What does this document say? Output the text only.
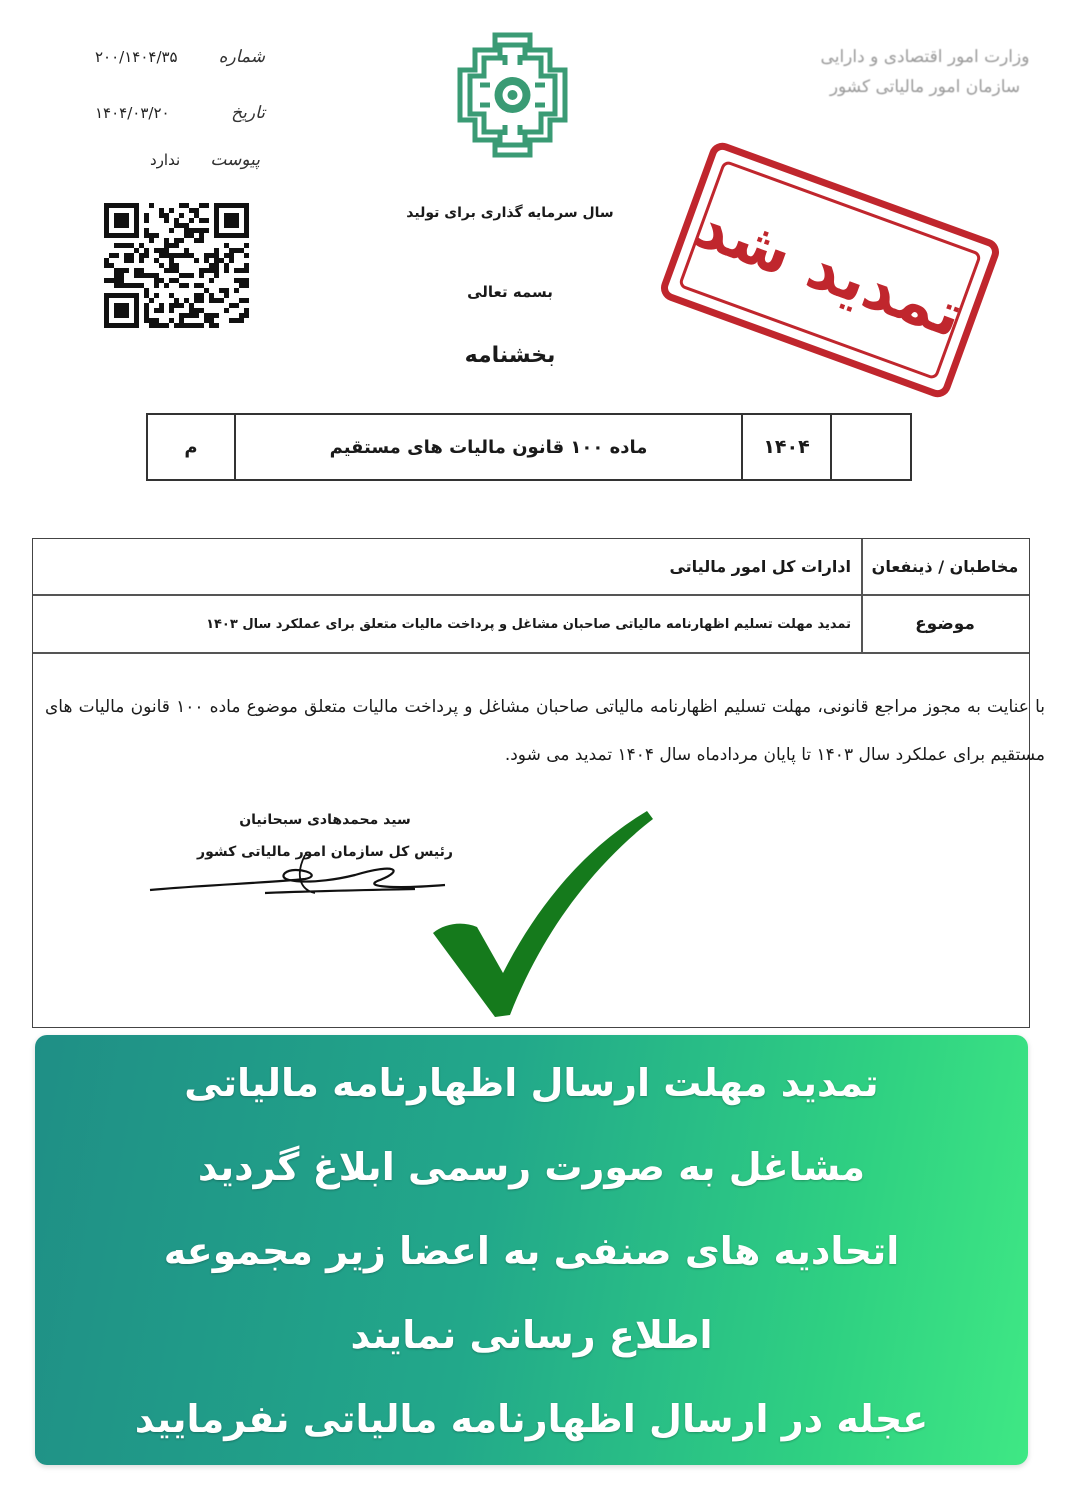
وزارت امور اقتصادی و دارایی
سازمان امور مالیاتی کشور
شماره
۲۰۰/۱۴۰۴/۳۵
تاریخ
۱۴۰۴/۰۳/۲۰
پیوست
ندارد
سال سرمایه گذاری برای تولید
بسمه تعالی
بخشنامه
م	ماده ۱۰۰ قانون مالیات های مستقیم	۱۴۰۴
مخاطبان / ذینفعان
ادارات کل امور مالیاتی
موضوع
تمدید مهلت تسلیم اظهارنامه مالیاتی صاحبان مشاغل و پرداخت مالیات متعلق برای عملکرد سال ۱۴۰۳
با عنایت به مجوز مراجع قانونی، مهلت تسلیم اظهارنامه مالیاتی صاحبان مشاغل و پرداخت مالیات متعلق موضوع ماده ۱۰۰ قانون مالیات های مستقیم برای عملکرد سال ۱۴۰۳ تا پایان مردادماه سال ۱۴۰۴ تمدید می شود.
سید محمدهادی سبحانیان
رئیس کل سازمان امور مالیاتی کشور
تمدید شد
تمدید مهلت ارسال اظهارنامه مالیاتی
مشاغل به صورت رسمی ابلاغ گردید
اتحادیه های صنفی به اعضا زیر مجموعه
اطلاع رسانی نمایند
عجله در ارسال اظهارنامه مالیاتی نفرمایید
